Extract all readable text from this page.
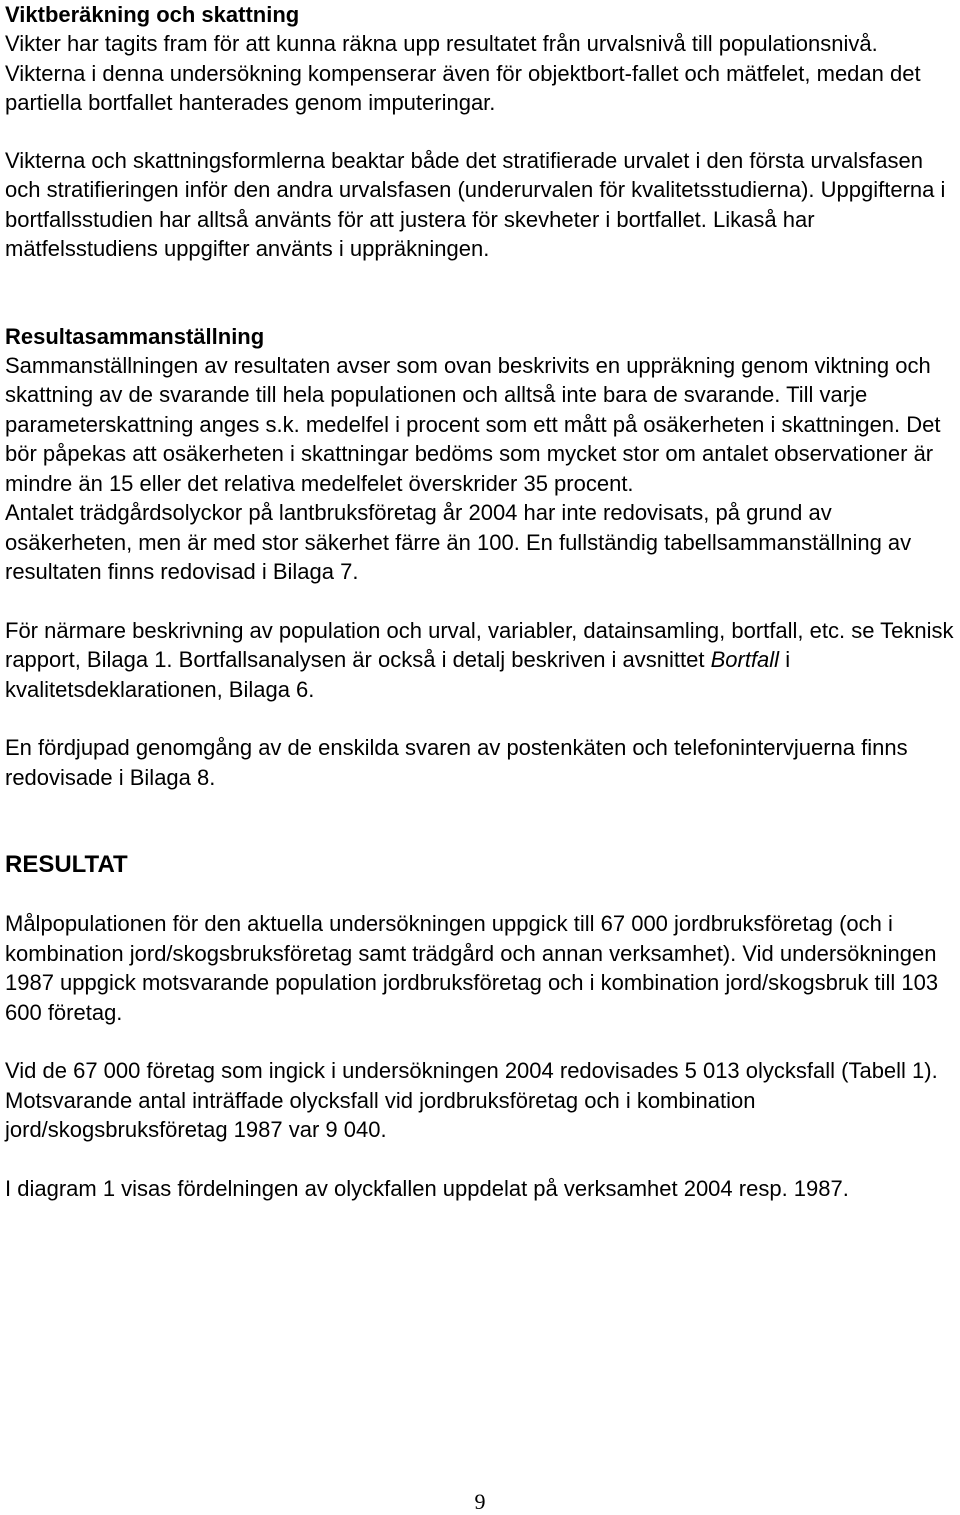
Viktberäkning och skattning

Vikter har tagits fram för att kunna räkna upp resultatet från urvalsnivå till populationsnivå. Vikterna i denna undersökning kompenserar även för objektbort-fallet och mätfelet, medan det partiella bortfallet hanterades genom imputeringar.

Vikterna och skattningsformlerna beaktar både det stratifierade urvalet i den första urvalsfasen och stratifieringen inför den andra urvalsfasen (underurvalen för kvalitetsstudierna). Uppgifterna i bortfallsstudien har alltså använts för att justera för skevheter i bortfallet. Likaså har mätfelsstudiens uppgifter använts i uppräkningen.

Resultasammanställning

Sammanställningen av resultaten avser som ovan beskrivits en uppräkning genom viktning och skattning av de svarande till hela populationen och alltså inte bara de svarande. Till varje parameterskattning anges s.k. medelfel i procent som ett mått på osäkerheten i skattningen. Det bör påpekas att osäkerheten i skattningar bedöms som mycket stor om antalet observationer är mindre än 15 eller det relativa medelfelet överskrider 35 procent.

Antalet trädgårdsolyckor på lantbruksföretag år 2004 har inte redovisats, på grund av osäkerheten, men är med stor säkerhet färre än 100. En fullständig tabellsammanställning av resultaten finns redovisad i Bilaga 7.

För närmare beskrivning av population och urval, variabler, datainsamling, bortfall, etc. se Teknisk rapport, Bilaga 1. Bortfallsanalysen är också i detalj beskriven i avsnittet Bortfall i kvalitetsdeklarationen, Bilaga 6.

En fördjupad genomgång av de enskilda svaren av postenkäten och telefonintervjuerna finns redovisade i Bilaga 8.

RESULTAT

Målpopulationen för den aktuella undersökningen uppgick till 67 000 jordbruksföretag (och i kombination jord/skogsbruksföretag samt trädgård och annan verksamhet). Vid undersökningen 1987 uppgick motsvarande population jordbruksföretag och i kombination jord/skogsbruk till 103 600 företag.

Vid de 67 000 företag som ingick i undersökningen 2004 redovisades 5 013 olycksfall (Tabell 1). Motsvarande antal inträffade olycksfall vid jordbruksföretag och i kombination jord/skogsbruksföretag 1987 var 9 040.

I diagram 1 visas fördelningen av olyckfallen uppdelat på verksamhet 2004 resp. 1987.

9
